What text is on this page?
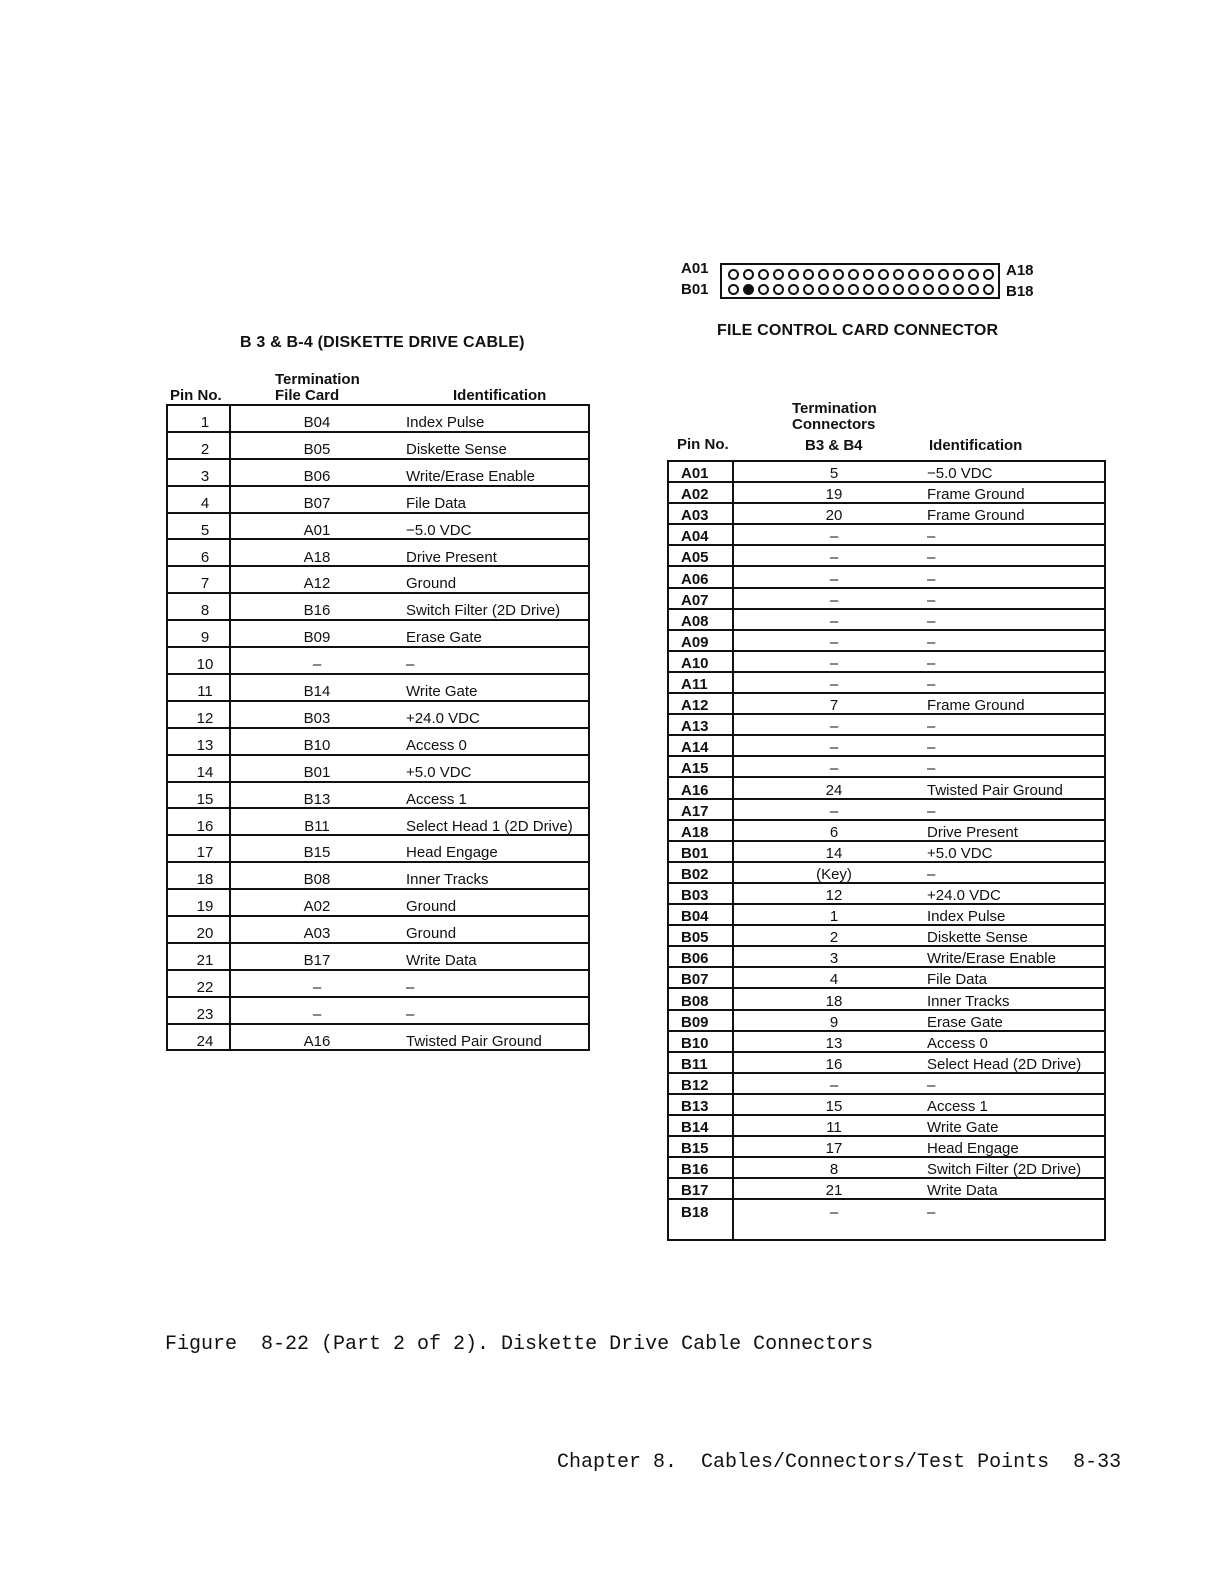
A01
B01
A18
B18
FILE CONTROL CARD CONNECTOR
B 3 & B-4 (DISKETTE DRIVE CABLE)
Pin No.
Termination
File Card	Identification
1	B04	Index Pulse
2	B05	Diskette Sense
3	B06	Write/Erase Enable
4	B07	File Data
5	A01	−5.0 VDC
6	A18	Drive Present
7	A12	Ground
8	B16	Switch Filter (2D Drive)
9	B09	Erase Gate
10	–	–
11	B14	Write Gate
12	B03	+24.0 VDC
13	B10	Access 0
14	B01	+5.0 VDC
15	B13	Access 1
16	B11	Select Head 1 (2D Drive)
17	B15	Head Engage
18	B08	Inner Tracks
19	A02	Ground
20	A03	Ground
21	B17	Write Data
22	–	–
23	–	–
24	A16	Twisted Pair Ground
Termination
Connectors
B3 & B4
Pin No.	Identification
A01	5	−5.0 VDC
A02	19	Frame Ground
A03	20	Frame Ground
A04	–	–
A05	–	–
A06	–	–
A07	–	–
A08	–	–
A09	–	–
A10	–	–
A11	–	–
A12	7	Frame Ground
A13	–	–
A14	–	–
A15	–	–
A16	24	Twisted Pair Ground
A17	–	–
A18	6	Drive Present
B01	14	+5.0 VDC
B02	(Key)	–
B03	12	+24.0 VDC
B04	1	Index Pulse
B05	2	Diskette Sense
B06	3	Write/Erase Enable
B07	4	File Data
B08	18	Inner Tracks
B09	9	Erase Gate
B10	13	Access 0
B11	16	Select Head (2D Drive)
B12	–	–
B13	15	Access 1
B14	11	Write Gate
B15	17	Head Engage
B16	8	Switch Filter (2D Drive)
B17	21	Write Data
B18	–	–
Figure  8-22 (Part 2 of 2). Diskette Drive Cable Connectors
Chapter 8.  Cables/Connectors/Test Points  8-33
